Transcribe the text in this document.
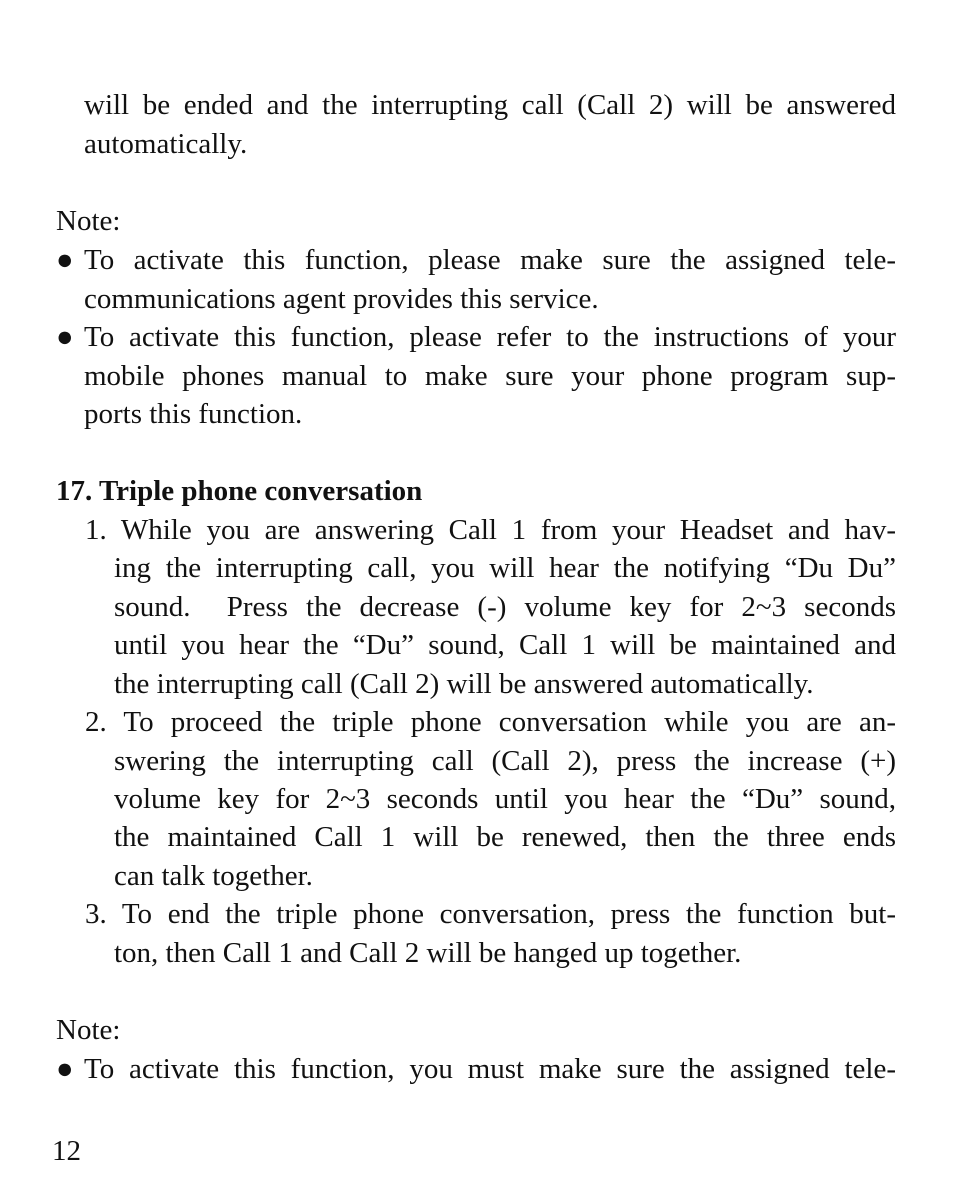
will be ended and the interrupting call (Call 2) will be answered
automatically.
Note:
● To activate this function, please make sure the assigned tele-
communications agent provides this service.
● To activate this function, please refer to the instructions of your
mobile phones manual to make sure your phone program sup-
ports this function.
17. Triple phone conversation
1. While you are answering Call 1 from your Headset and hav-
ing the interrupting call, you will hear the notifying “Du Du”
sound.  Press the decrease (-) volume key for 2~3 seconds
until you hear the “Du” sound, Call 1 will be maintained and
the interrupting call (Call 2) will be answered automatically.
2. To proceed the triple phone conversation while you are an-
swering the interrupting call (Call 2), press the increase (+)
volume key for 2~3 seconds until you hear the “Du” sound,
the maintained Call 1 will be renewed, then the three ends
can talk together.
3. To end the triple phone conversation, press the function but-
ton, then Call 1 and Call 2 will be hanged up together.
Note:
● To activate this function, you must make sure the assigned tele-
12
